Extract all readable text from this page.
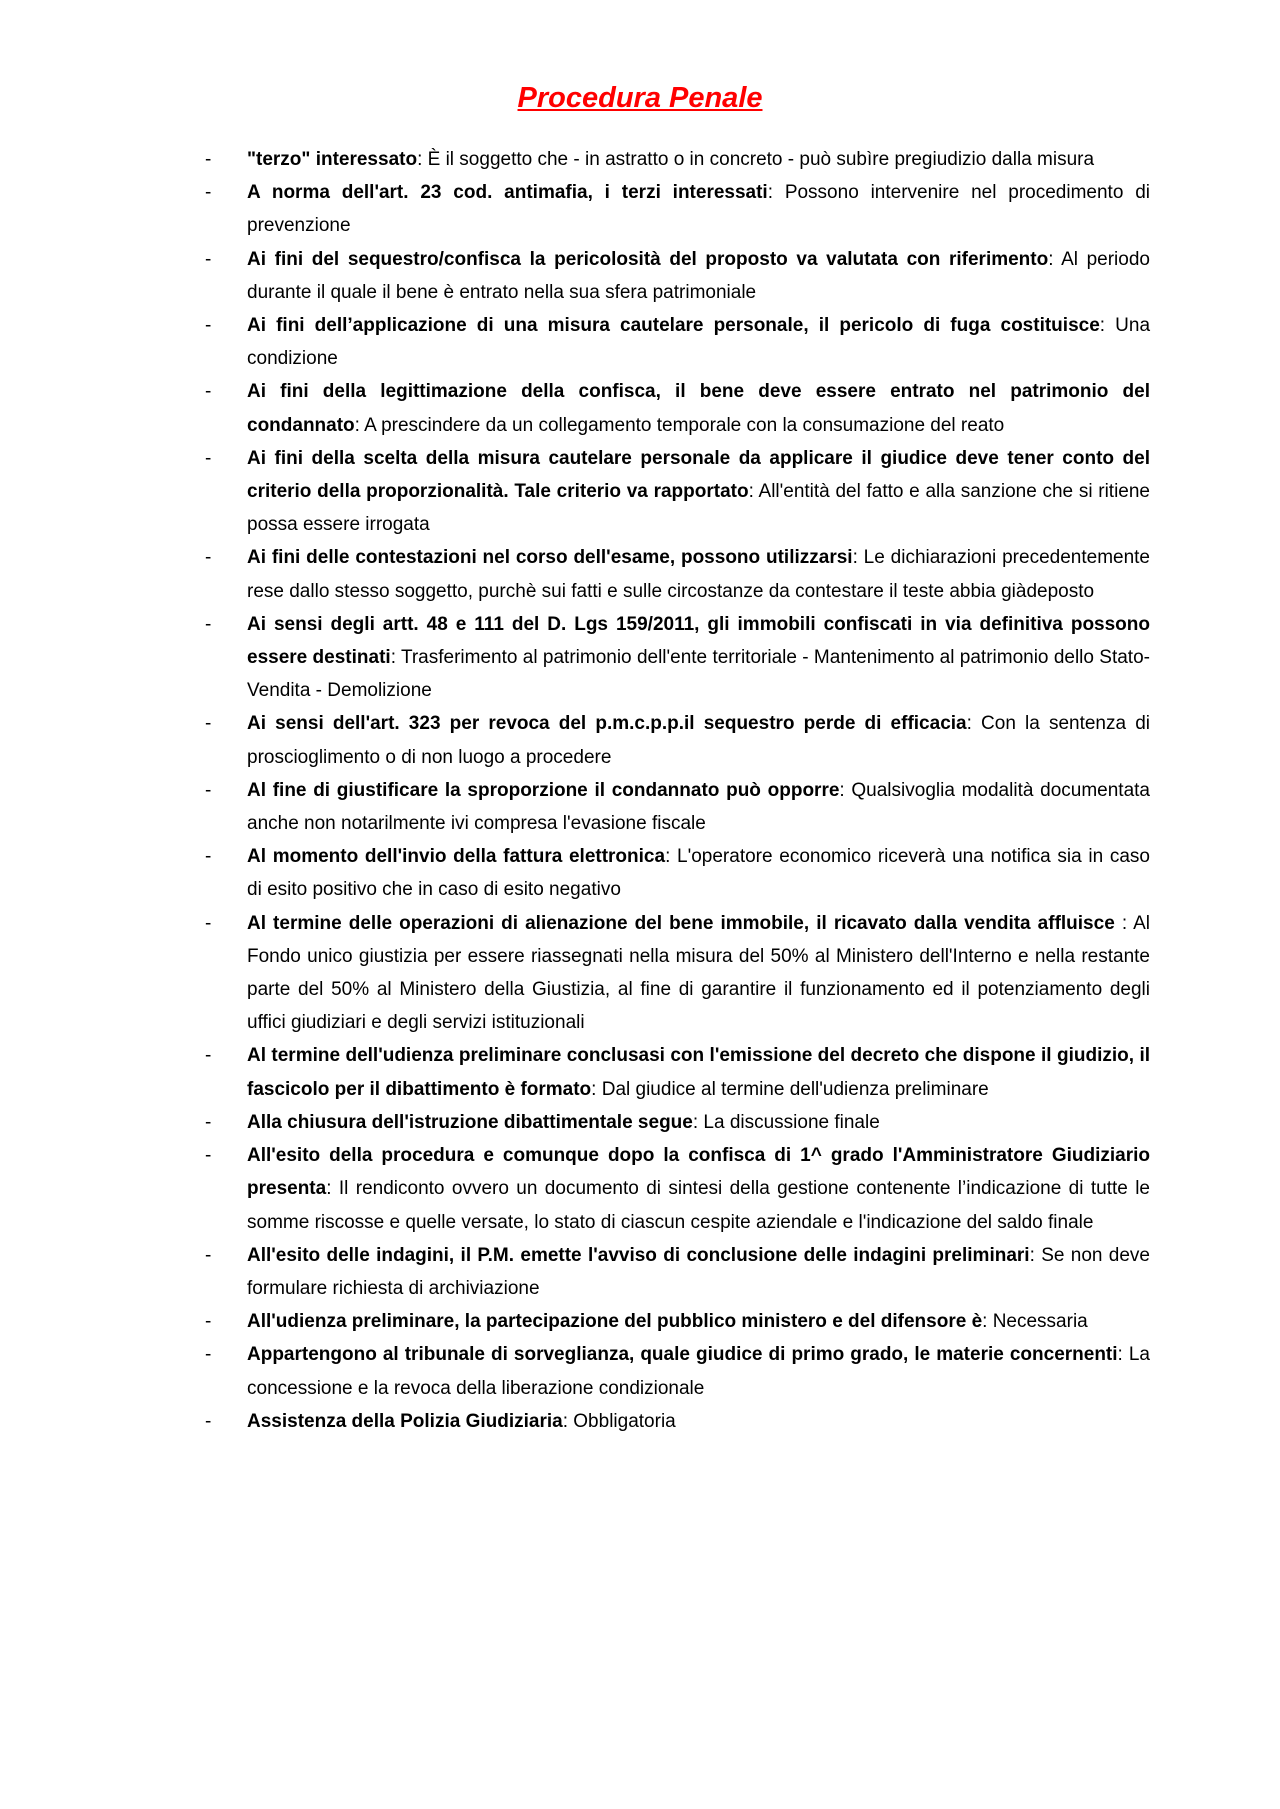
Procedura Penale
- "terzo" interessato: È il soggetto che - in astratto o in concreto - può subìre pregiudizio dalla misura
- A norma dell'art. 23 cod. antimafia, i terzi interessati: Possono intervenire nel procedimento di prevenzione
- Ai fini del sequestro/confisca la pericolosità del proposto va valutata con riferimento: Al periodo durante il quale il bene è entrato nella sua sfera patrimoniale
- Ai fini dell’applicazione di una misura cautelare personale, il pericolo di fuga costituisce: Una condizione
- Ai fini della legittimazione della confisca, il bene deve essere entrato nel patrimonio del condannato: A prescindere da un collegamento temporale con la consumazione del reato
- Ai fini della scelta della misura cautelare personale da applicare il giudice deve tener conto del criterio della proporzionalità. Tale criterio va rapportato: All'entità del fatto e alla sanzione che si ritiene possa essere irrogata
- Ai fini delle contestazioni nel corso dell'esame, possono utilizzarsi: Le dichiarazioni precedentemente rese dallo stesso soggetto, purchè sui fatti e sulle circostanze da contestare il teste abbia giàdeposto
- Ai sensi degli artt. 48 e 111 del D. Lgs 159/2011, gli immobili confiscati in via definitiva possono essere destinati: Trasferimento al patrimonio dell'ente territoriale - Mantenimento al patrimonio dello Stato- Vendita - Demolizione
- Ai sensi dell'art. 323 per revoca del p.m.c.p.p.il sequestro perde di efficacia: Con la sentenza di proscioglimento o di non luogo a procedere
- Al fine di giustificare la sproporzione il condannato può opporre: Qualsivoglia modalità documentata anche non notarilmente ivi compresa l'evasione fiscale
- Al momento dell'invio della fattura elettronica: L'operatore economico riceverà una notifica sia in caso di esito positivo che in caso di esito negativo
- Al termine delle operazioni di alienazione del bene immobile, il ricavato dalla vendita affluisce : Al Fondo unico giustizia per essere riassegnati nella misura del 50% al Ministero dell'Interno e nella restante parte del 50% al Ministero della Giustizia, al fine di garantire il funzionamento ed il potenziamento degli uffici giudiziari e degli servizi istituzionali
- Al termine dell'udienza preliminare conclusasi con l'emissione del decreto che dispone il giudizio, il fascicolo per il dibattimento è formato: Dal giudice al termine dell'udienza preliminare
- Alla chiusura dell'istruzione dibattimentale segue: La discussione finale
- All'esito della procedura e comunque dopo la confisca di 1^ grado l'Amministratore Giudiziario presenta: Il rendiconto ovvero un documento di sintesi della gestione contenente l’indicazione di tutte le somme riscosse e quelle versate, lo stato di ciascun cespite aziendale e l'indicazione del saldo finale
- All'esito delle indagini, il P.M. emette l'avviso di conclusione delle indagini preliminari: Se non deve formulare richiesta di archiviazione
- All'udienza preliminare, la partecipazione del pubblico ministero e del difensore è: Necessaria
- Appartengono al tribunale di sorveglianza, quale giudice di primo grado, le materie concernenti: La concessione e la revoca della liberazione condizionale
- Assistenza della Polizia Giudiziaria: Obbligatoria
